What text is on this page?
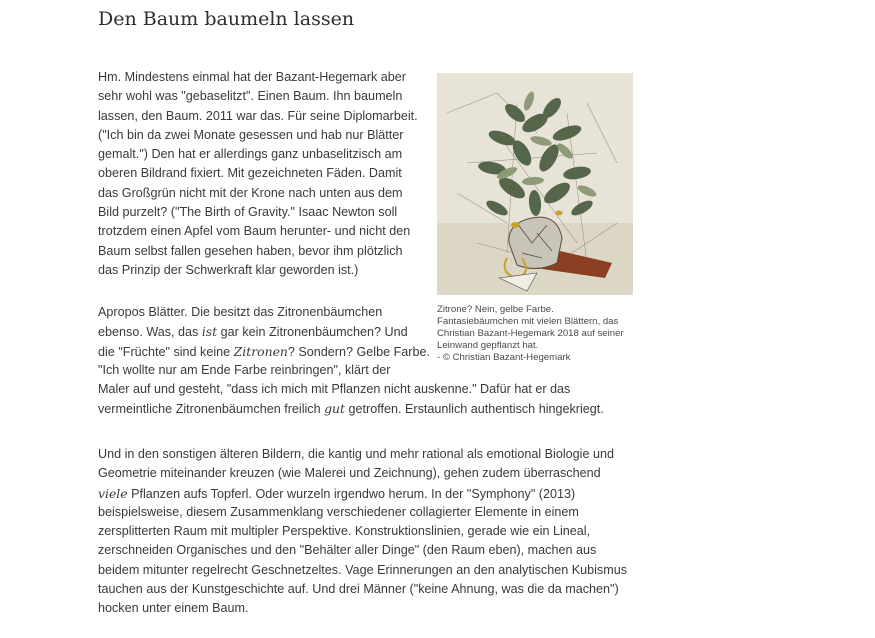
Den Baum baumeln lassen
Hm. Mindestens einmal hat der Bazant-Hegemark aber
sehr wohl was "gebaselitzt". Einen Baum. Ihn baumeln
lassen, den Baum. 2011 war das. Für seine Diplomarbeit.
("Ich bin da zwei Monate gesessen und hab nur Blätter
gemalt.") Den hat er allerdings ganz unbaselitzisch am
oberen Bildrand fixiert. Mit gezeichneten Fäden. Damit
das Großgrün nicht mit der Krone nach unten aus dem
Bild purzelt? ("The Birth of Gravity." Isaac Newton soll
trotzdem einen Apfel vom Baum herunter- und nicht den
Baum selbst fallen gesehen haben, bevor ihm plötzlich
das Prinzip der Schwerkraft klar geworden ist.)
Zitrone? Nein, gelbe Farbe.
Fantasiebäumchen mit vielen Blättern, das
Christian Bazant-Hegemark 2018 auf seiner
Leinwand gepflanzt hat.
- © Christian Bazant-Hegemark
Apropos Blätter. Die besitzt das Zitronenbäumchen
ebenso. Was, das ist gar kein Zitronenbäumchen? Und
die "Früchte" sind keine Zitronen? Sondern? Gelbe Farbe.
"Ich wollte nur am Ende Farbe reinbringen", klärt der
Maler auf und gesteht, "dass ich mich mit Pflanzen nicht auskenne." Dafür hat er das
vermeintliche Zitronenbäumchen freilich gut getroffen. Erstaunlich authentisch hingekriegt.
Und in den sonstigen älteren Bildern, die kantig und mehr rational als emotional Biologie und
Geometrie miteinander kreuzen (wie Malerei und Zeichnung), gehen zudem überraschend
viele Pflanzen aufs Topferl. Oder wurzeln irgendwo herum. In der "Symphony" (2013)
beispielsweise, diesem Zusammenklang verschiedener collagierter Elemente in einem
zersplitterten Raum mit multipler Perspektive. Konstruktionslinien, gerade wie ein Lineal,
zerschneiden Organisches und den "Behälter aller Dinge" (den Raum eben), machen aus
beidem mitunter regelrecht Geschnetzeltes. Vage Erinnerungen an den analytischen Kubismus
tauchen aus der Kunstgeschichte auf. Und drei Männer ("keine Ahnung, was die da machen")
hocken unter einem Baum.
